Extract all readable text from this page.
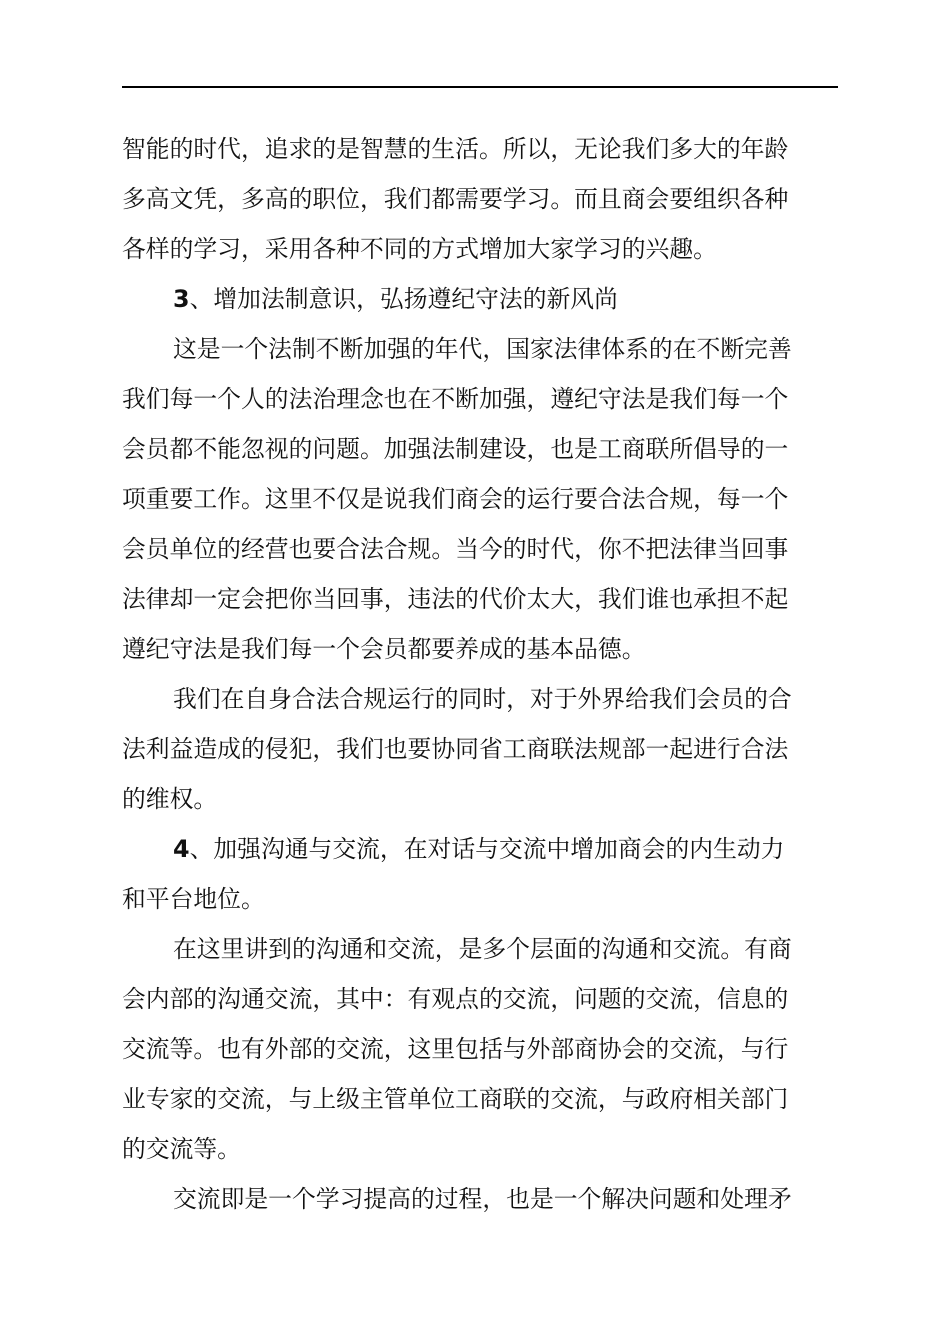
智能的时代，追求的是智慧的生活。所以，无论我们多大的年龄
多高文凭，多高的职位，我们都需要学习。而且商会要组织各种
各样的学习，采用各种不同的方式增加大家学习的兴趣。
3、增加法制意识，弘扬遵纪守法的新风尚
这是一个法制不断加强的年代，国家法律体系的在不断完善
我们每一个人的法治理念也在不断加强，遵纪守法是我们每一个
会员都不能忽视的问题。加强法制建设，也是工商联所倡导的一
项重要工作。这里不仅是说我们商会的运行要合法合规，每一个
会员单位的经营也要合法合规。当今的时代，你不把法律当回事
法律却一定会把你当回事，违法的代价太大，我们谁也承担不起
遵纪守法是我们每一个会员都要养成的基本品德。
我们在自身合法合规运行的同时，对于外界给我们会员的合
法利益造成的侵犯，我们也要协同省工商联法规部一起进行合法
的维权。
4、加强沟通与交流，在对话与交流中增加商会的内生动力
和平台地位。
在这里讲到的沟通和交流，是多个层面的沟通和交流。有商
会内部的沟通交流，其中：有观点的交流，问题的交流，信息的
交流等。也有外部的交流，这里包括与外部商协会的交流，与行
业专家的交流，与上级主管单位工商联的交流，与政府相关部门
的交流等。
交流即是一个学习提高的过程，也是一个解决问题和处理矛
